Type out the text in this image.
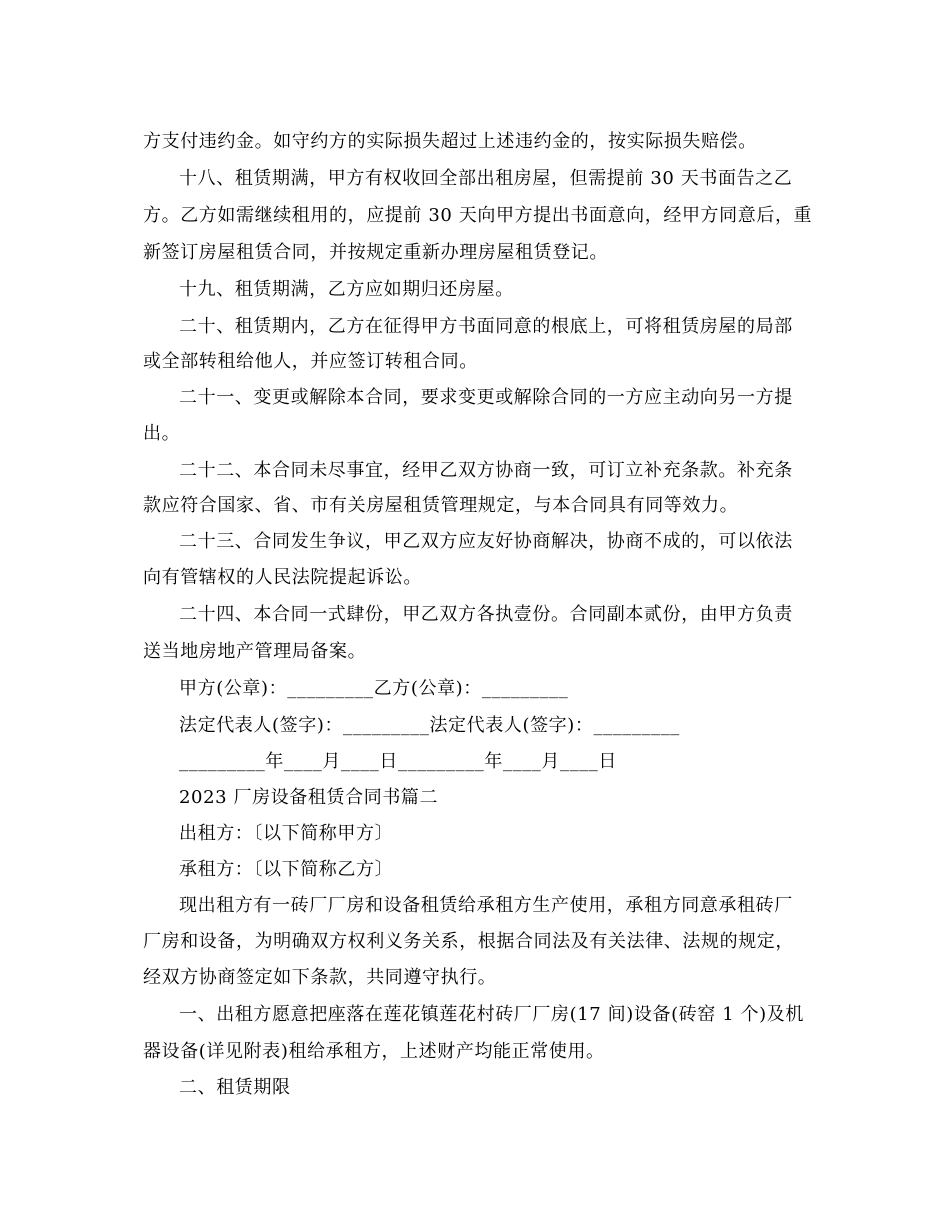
方支付违约金。如守约方的实际损失超过上述违约金的，按实际损失赔偿。
十八、租赁期满，甲方有权收回全部出租房屋，但需提前 30 天书面告之乙
方。乙方如需继续租用的，应提前 30 天向甲方提出书面意向，经甲方同意后，重
新签订房屋租赁合同，并按规定重新办理房屋租赁登记。
十九、租赁期满，乙方应如期归还房屋。
二十、租赁期内，乙方在征得甲方书面同意的根底上，可将租赁房屋的局部
或全部转租给他人，并应签订转租合同。
二十一、变更或解除本合同，要求变更或解除合同的一方应主动向另一方提
出。
二十二、本合同未尽事宜，经甲乙双方协商一致，可订立补充条款。补充条
款应符合国家、省、市有关房屋租赁管理规定，与本合同具有同等效力。
二十三、合同发生争议，甲乙双方应友好协商解决，协商不成的，可以依法
向有管辖权的人民法院提起诉讼。
二十四、本合同一式肆份，甲乙双方各执壹份。合同副本贰份，由甲方负责
送当地房地产管理局备案。
甲方(公章)：_________乙方(公章)：_________
法定代表人(签字)：_________法定代表人(签字)：_________
_________年____月____日_________年____月____日
2023 厂房设备租赁合同书篇二
出租方：〔以下简称甲方〕
承租方：〔以下简称乙方〕
现出租方有一砖厂厂房和设备租赁给承租方生产使用，承租方同意承租砖厂
厂房和设备，为明确双方权利义务关系，根据合同法及有关法律、法规的规定，
经双方协商签定如下条款，共同遵守执行。
一、出租方愿意把座落在莲花镇莲花村砖厂厂房(17 间)设备(砖窑 1 个)及机
器设备(详见附表)租给承租方，上述财产均能正常使用。
二、租赁期限
